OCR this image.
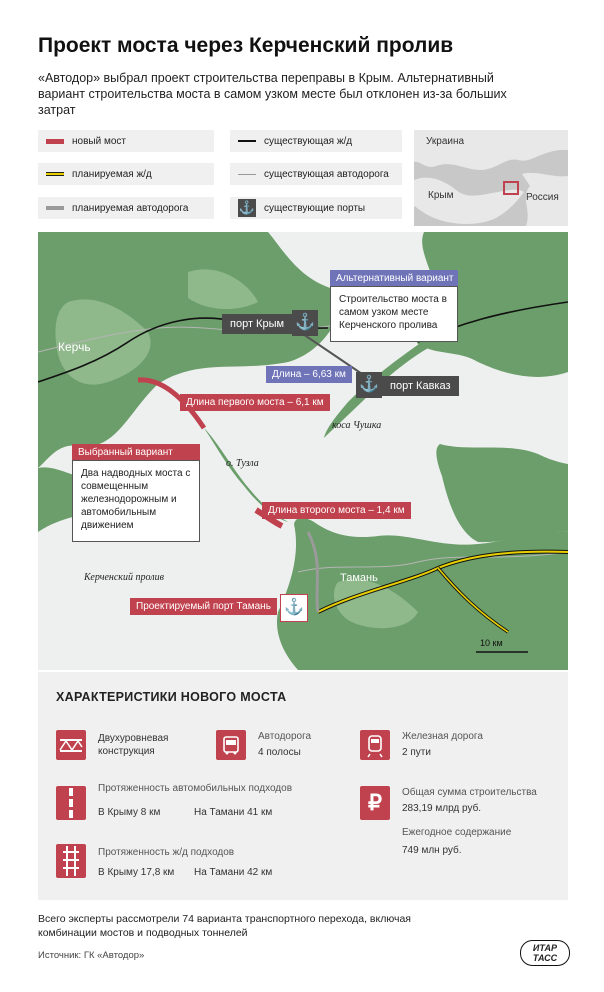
Проект моста через Керченский пролив
«Автодор» выбрал проект строительства переправы в Крым. Альтернативный вариант строительства моста в самом узком месте был отклонен из-за больших затрат
новый мост
планируемая ж/д
планируемая автодорога
существующая ж/д
существующая автодорога
⚓ существующие порты
Украина
Крым	Россия
Керчь
порт Крым ⚓
⚓	порт Кавказ
Альтернативный вариант
Строительство моста в самом узком месте Керченского пролива
Длина – 6,63 км
Длина первого моста – 6,1 км
Выбранный вариант
Два надводных моста с совмещенным железнодорожным и автомобильным движением
о. Тузла
коса Чушка
Длина второго моста – 1,4 км
Керченский пролив	Тамань
Проектируемый порт Тамань ⚓
10 км
ХАРАКТЕРИСТИКИ НОВОГО МОСТА
Двухуровневая конструкция
Автодорога
4 полосы
Железная дорога
2 пути
Протяженность автомобильных подходов
В Крыму 8 км	На Тамани 41 км	₽	Общая сумма строительства
283,19 млрд руб.
Ежегодное содержание
749 млн руб.
Протяженность ж/д подходов
В Крыму 17,8 км На Тамани 42 км
Всего эксперты рассмотрели 74 варианта транспортного перехода, включая комбинации мостов и подводных тоннелей
Источник: ГК «Автодор»
ИТАР ТАСС
